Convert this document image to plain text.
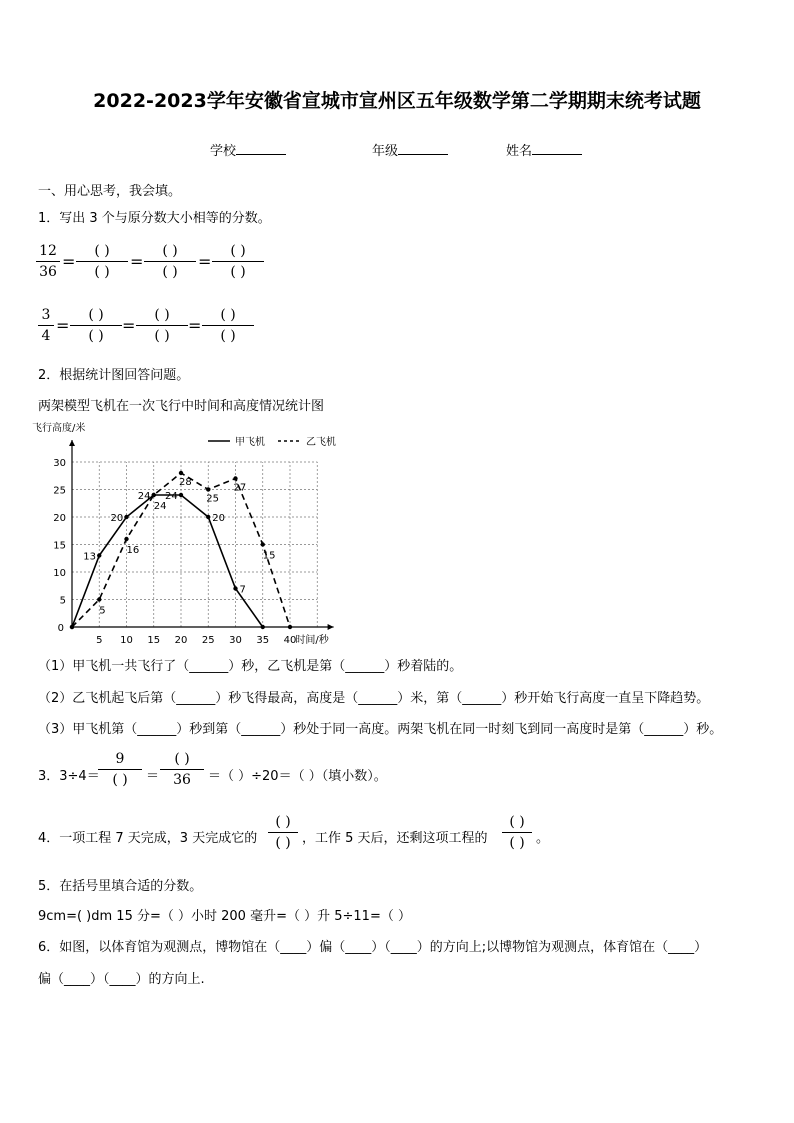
2022-2023学年安徽省宣城市宣州区五年级数学第二学期期末统考试题
学校	年级	姓名
一、用心思考，我会填。
1．写出 3 个与原分数大小相等的分数。
12
36
=
( )
( )
=
( )
( )
=
( )
( )
3
4
=
( )
( )
=
( )
( )
=
( )
( )
2．根据统计图回答问题。
两架模型飞机在一次飞行中时间和高度情况统计图
5 10 15 20 25 30 35 40
5
10
15
20
25
30
0
飞行高度/米
时间/秒
13
20
24 24
20
7
5
16
24
28
25
27
15
甲飞机	乙飞机
（1）甲飞机一共飞行了（______）秒，乙飞机是第（______）秒着陆的。
（2）乙飞机起飞后第（______）秒飞得最高，高度是（______）米，第（______）秒开始飞行高度一直呈下降趋势。
（3）甲飞机第（______）秒到第（______）秒处于同一高度。两架飞机在同一时刻飞到同一高度时是第（______）秒。
3．3÷4＝
9
( )	＝
( )
36	＝（ ）÷20＝（ ）（填小数）。
4．一项工程 7 天完成，3 天完成它的
( )
( ) ，工作 5 天后，还剩这项工程的
( )
( ) 。
5．在括号里填合适的分数。
9cm=( )dm 15 分=（ ）小时 200 毫升=（ ）升 5÷11=（ ）
6．如图，以体育馆为观测点，博物馆在（____）偏（____）（____）的方向上;以博物馆为观测点，体育馆在（____）
偏（____）（____）的方向上.
